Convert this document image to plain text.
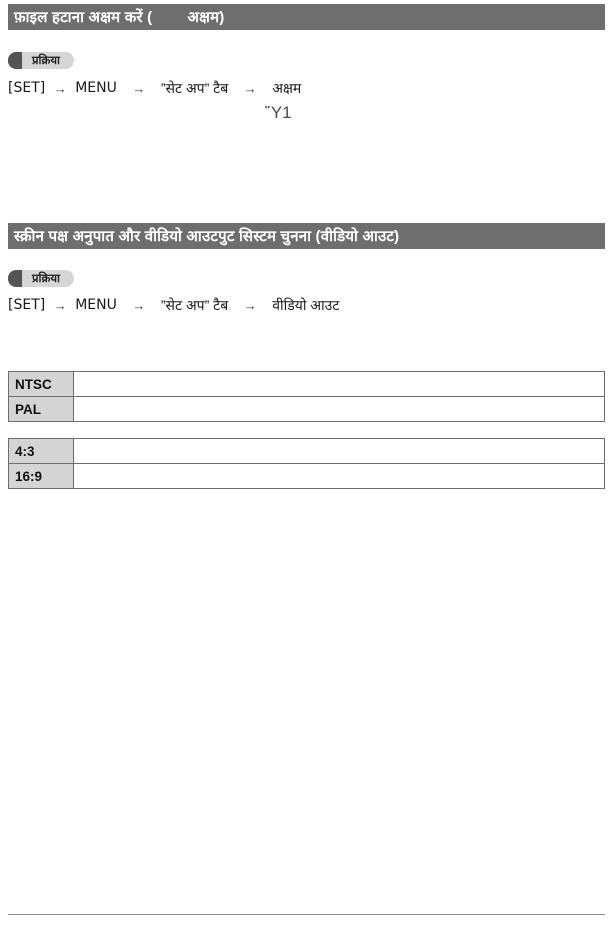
फ़ाइल हटाना अक्षम करें (     अक्षम)
प्रक्रिया
[SET] → MENU	→	”सेट अप” टैब	→	अक्षम
Ὕ1
स्क्रीन पक्ष अनुपात और वीडियो आउटपुट सिस्टम चुनना (वीडियो आउट)
प्रक्रिया
[SET] → MENU	→	”सेट अप” टैब	→	वीडियो आउट
NTSC	
PAL	
4:3	
16:9	
